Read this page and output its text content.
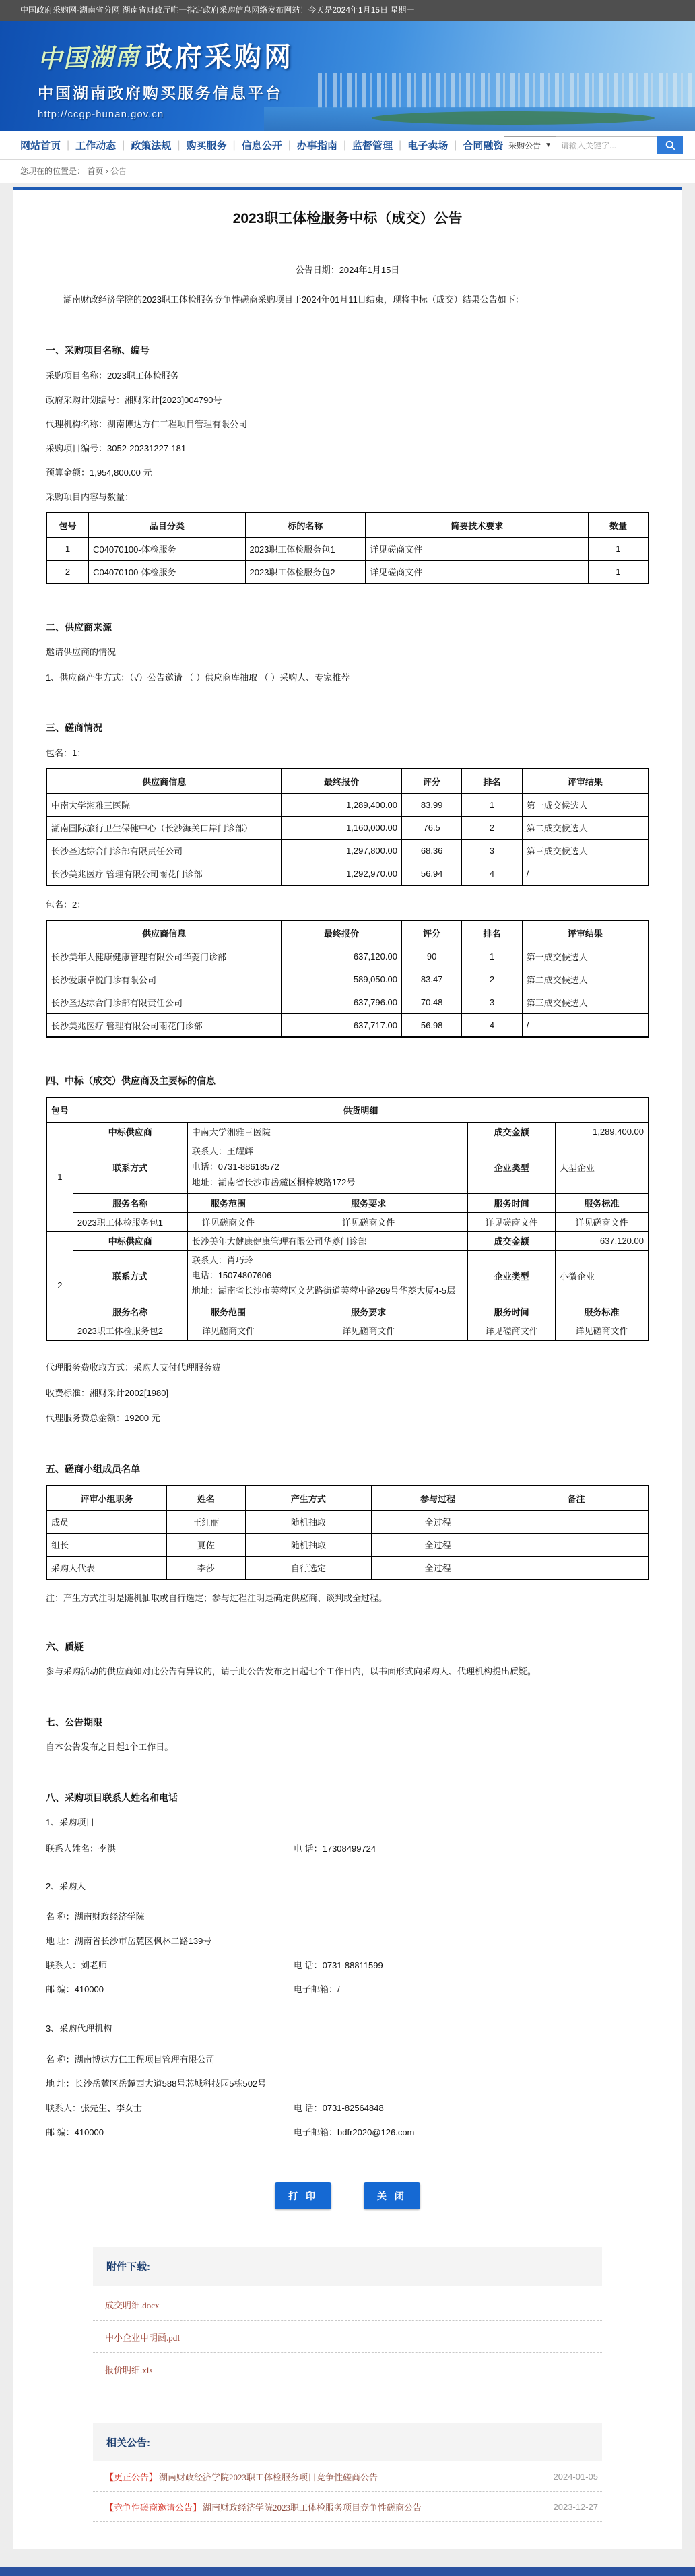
中国政府采购网-湖南省分网 湖南省财政厅唯一指定政府采购信息网络发布网站！今天是2024年1月15日 星期一
中国湖南 政府采购网
中国湖南政府购买服务信息平台
http://ccgp-hunan.gov.cn
网站首页 | 工作动态 | 政策法规 | 购买服务 | 信息公开 | 办事指南 | 监督管理 | 电子卖场 | 合同融资 采购公告 ▼	请输入关键字...
您现在的位置是： 首页 › 公告
2023职工体检服务中标（成交）公告
公告日期：2024年1月15日
湖南财政经济学院的2023职工体检服务竞争性磋商采购项目于2024年01月11日结束，现将中标（成交）结果公告如下：
一、采购项目名称、编号
采购项目名称：2023职工体检服务
政府采购计划编号：湘财采计[2023]004790号
代理机构名称：湖南博达方仁工程项目管理有限公司
采购项目编号：3052-20231227-181
预算金额：1,954,800.00 元
采购项目内容与数量：
包号	品目分类	标的名称	简要技术要求	数量
1	C04070100-体检服务	2023职工体检服务包1	详见磋商文件	1
2	C04070100-体检服务	2023职工体检服务包2	详见磋商文件	1
二、供应商来源
邀请供应商的情况
1、供应商产生方式：（√）公告邀请 （ ）供应商库抽取 （ ）采购人、专家推荐
三、磋商情况
包名：1：
供应商信息	最终报价	评分	排名	评审结果
中南大学湘雅三医院	1,289,400.00	83.99	1	第一成交候选人
湖南国际旅行卫生保健中心（长沙海关口岸门诊部）	1,160,000.00	76.5	2	第二成交候选人
长沙圣达综合门诊部有限责任公司	1,297,800.00	68.36	3	第三成交候选人
长沙美兆医疗 管理有限公司雨花门诊部	1,292,970.00	56.94	4	/
包名：2：
供应商信息	最终报价	评分	排名	评审结果
长沙美年大健康健康管理有限公司华菱门诊部	637,120.00	90	1	第一成交候选人
长沙爱康卓悦门诊有限公司	589,050.00	83.47	2	第二成交候选人
长沙圣达综合门诊部有限责任公司	637,796.00	70.48	3	第三成交候选人
长沙美兆医疗 管理有限公司雨花门诊部	637,717.00	56.98	4	/
四、中标（成交）供应商及主要标的信息
包号	供货明细				
1	中标供应商	中南大学湘雅三医院		成交金额	1,289,400.00
	联系方式	联系人：王耀辉
电话：0731-88618572
地址：湖南省长沙市岳麓区桐梓坡路172号		企业类型	大型企业
	服务名称	服务范围	服务要求	服务时间	服务标准
	2023职工体检服务包1	详见磋商文件	详见磋商文件	详见磋商文件	详见磋商文件
2	中标供应商	长沙美年大健康健康管理有限公司华菱门诊部		成交金额	637,120.00
	联系方式	联系人：肖巧玲
电话：15074807606
地址：湖南省长沙市芙蓉区文艺路街道芙蓉中路269号华菱大厦4-5层		企业类型	小微企业
	服务名称	服务范围	服务要求	服务时间	服务标准
	2023职工体检服务包2	详见磋商文件	详见磋商文件	详见磋商文件	详见磋商文件
代理服务费收取方式：采购人支付代理服务费
收费标准：湘财采计2002[1980]
代理服务费总金额：19200 元
五、磋商小组成员名单
评审小组职务	姓名	产生方式	参与过程	备注
成员	王红丽	随机抽取	全过程	
组长	夏佐	随机抽取	全过程	
采购人代表	李莎	自行选定	全过程	
注：产生方式注明是随机抽取或自行选定；参与过程注明是确定供应商、谈判或全过程。
六、质疑
参与采购活动的供应商如对此公告有异议的，请于此公告发布之日起七个工作日内，以书面形式向采购人、代理机构提出质疑。
七、公告期限
自本公告发布之日起1个工作日。
八、采购项目联系人姓名和电话
1、采购项目
联系人姓名：李洪	电 话：17308499724
2、采购人
名 称：湖南财政经济学院
地 址：湖南省长沙市岳麓区枫林二路139号
联系人：刘老师	电 话：0731-88811599
邮 编：410000	电子邮箱：/
3、采购代理机构
名 称：湖南博达方仁工程项目管理有限公司
地 址：长沙岳麓区岳麓西大道588号芯城科技园5栋502号
联系人：张先生、李女士	电 话：0731-82564848
邮 编：410000	电子邮箱：bdfr2020@126.com
打 印	关 闭
附件下载:
成交明细.docx
中小企业申明函.pdf
报价明细.xls
相关公告:
【更正公告】 湖南财政经济学院2023职工体检服务项目竞争性磋商公告	2024-01-05
【竞争性磋商邀请公告】 湖南财政经济学院2023职工体检服务项目竞争性磋商公告	2023-12-27
